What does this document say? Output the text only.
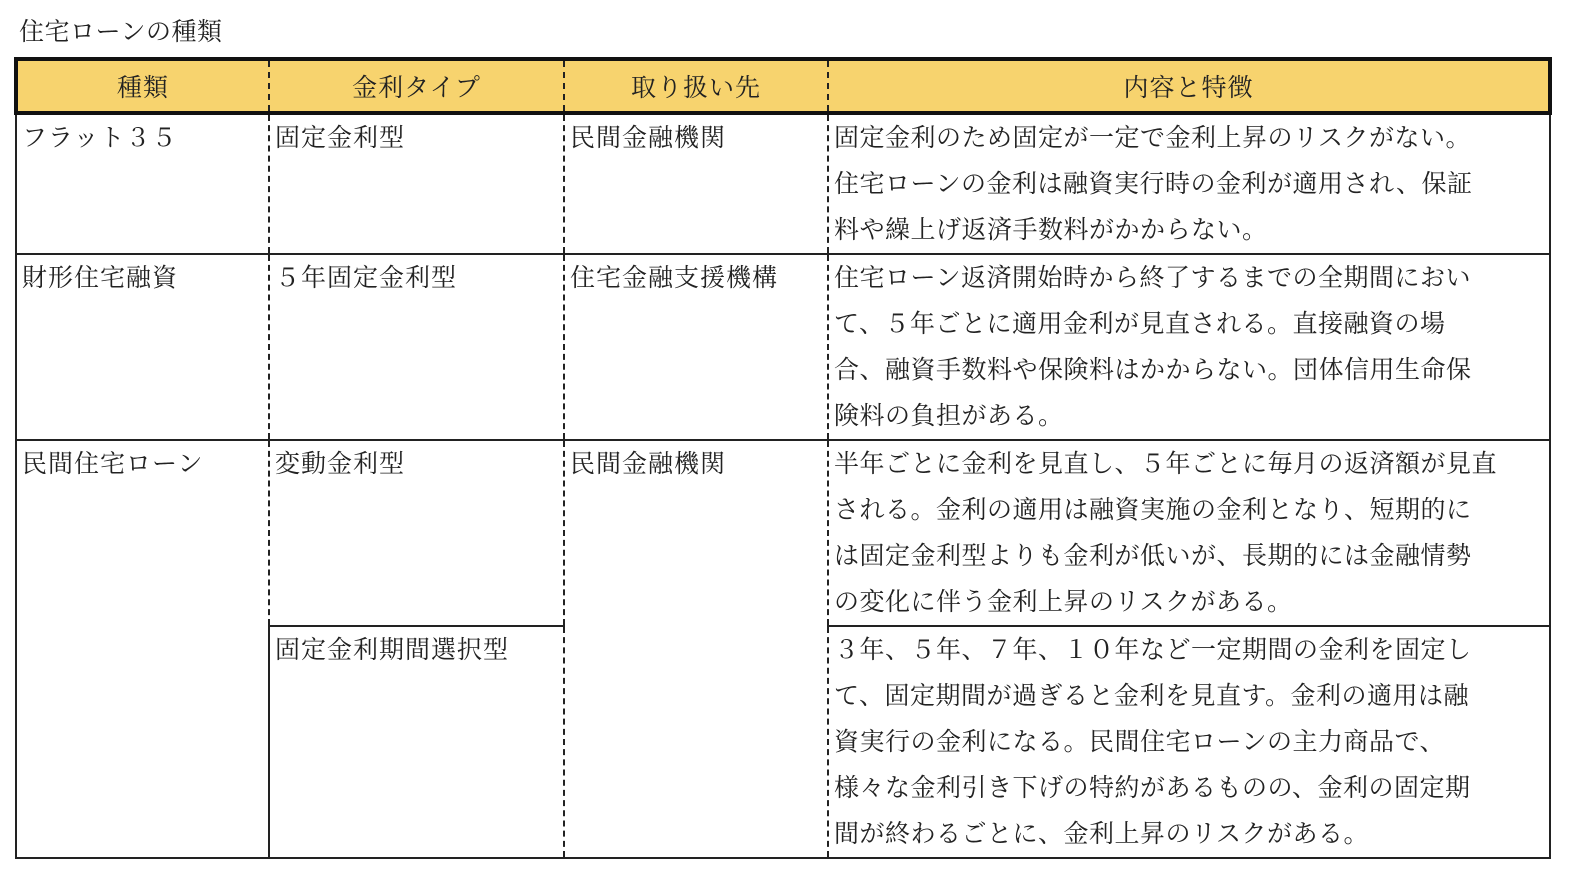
住宅ローンの種類
種類	金利タイプ	取り扱い先	内容と特徴
フラット３５	固定金利型	民間金融機関	固定金利のため固定が一定で金利上昇のリスクがない。
住宅ローンの金利は融資実行時の金利が適用され、保証
料や繰上げ返済手数料がかからない。

財形住宅融資	５年固定金利型	住宅金融支援機構	住宅ローン返済開始時から終了するまでの全期間におい
て、５年ごとに適用金利が見直される。直接融資の場
合、融資手数料や保険料はかからない。団体信用生命保
険料の負担がある。

民間住宅ローン	変動金利型	民間金融機関	半年ごとに金利を見直し、５年ごとに毎月の返済額が見直
される。金利の適用は融資実施の金利となり、短期的に
は固定金利型よりも金利が低いが、長期的には金融情勢
の変化に伴う金利上昇のリスクがある。

	固定金利期間選択型		３年、５年、７年、１０年など一定期間の金利を固定し
て、固定期間が過ぎると金利を見直す。金利の適用は融
資実行の金利になる。民間住宅ローンの主力商品で、
様々な金利引き下げの特約があるものの、金利の固定期
間が終わるごとに、金利上昇のリスクがある。
